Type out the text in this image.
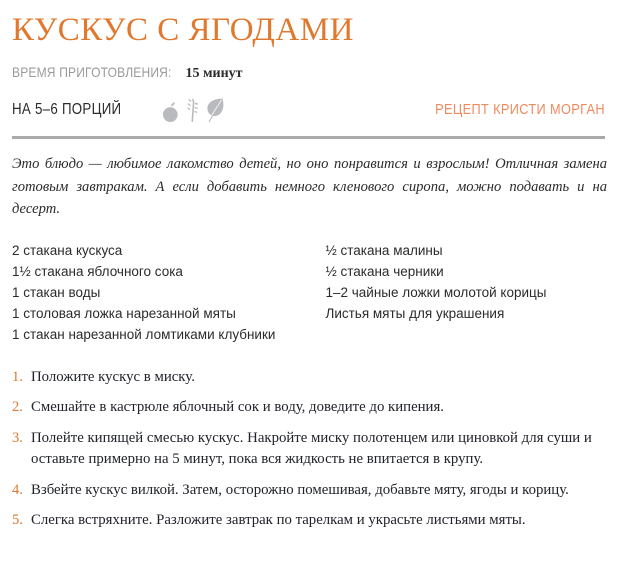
КУСКУС С ЯГОДАМИ
ВРЕМЯ ПРИГОТОВЛЕНИЯ: 15 минут
НА 5–6 ПОРЦИЙ	РЕЦЕПТ КРИСТИ МОРГАН

Это блюдо — любимое лакомство детей, но оно понравится и взрослым! Отличная замена готовым завтракам. А если добавить немного кленового сиропа, можно подавать и на десерт.

2 стакана кускуса
1½ стакана яблочного сока
1 стакан воды
1 столовая ложка нарезанной мяты
1 стакан нарезанной ломтиками клубники
½ стакана малины
½ стакана черники
1–2 чайные ложки молотой корицы
Листья мяты для украшения
1. Положите кускус в миску.
2. Смешайте в кастрюле яблочный сок и воду, доведите до кипения.
3. Полейте кипящей смесью кускус. Накройте миску полотенцем или циновкой для суши и оставьте примерно на 5 минут, пока вся жидкость не впитается в крупу.
4. Взбейте кускус вилкой. Затем, осторожно помешивая, добавьте мяту, ягоды и корицу.
5. Слегка встряхните. Разложите завтрак по тарелкам и украсьте листьями мяты.
